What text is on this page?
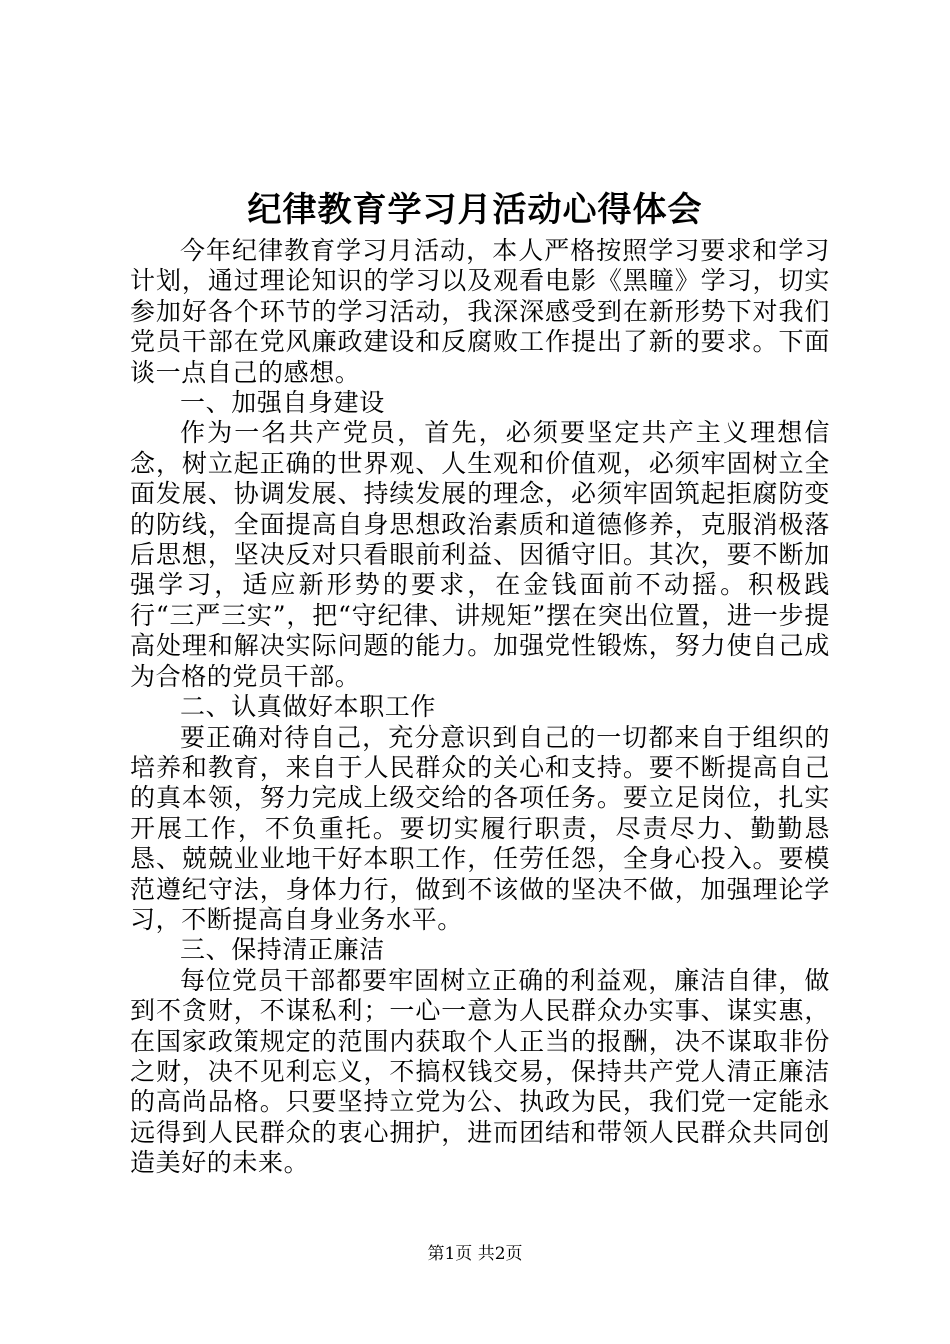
纪律教育学习月活动心得体会

今年纪律教育学习月活动，本人严格按照学习要求和学习计划，通过理论知识的学习以及观看电影《黑瞳》学习，切实参加好各个环节的学习活动，我深深感受到在新形势下对我们党员干部在党风廉政建设和反腐败工作提出了新的要求。下面谈一点自己的感想。

一、加强自身建设

作为一名共产党员，首先，必须要坚定共产主义理想信念，树立起正确的世界观、人生观和价值观，必须牢固树立全面发展、协调发展、持续发展的理念，必须牢固筑起拒腐防变的防线，全面提高自身思想政治素质和道德修养，克服消极落后思想，坚决反对只看眼前利益、因循守旧。其次，要不断加强学习，适应新形势的要求，在金钱面前不动摇。积极践行“三严三实”，把“守纪律、讲规矩”摆在突出位置，进一步提高处理和解决实际问题的能力。加强党性锻炼，努力使自己成为合格的党员干部。

二、认真做好本职工作

要正确对待自己，充分意识到自己的一切都来自于组织的培养和教育，来自于人民群众的关心和支持。要不断提高自己的真本领，努力完成上级交给的各项任务。要立足岗位，扎实开展工作，不负重托。要切实履行职责，尽责尽力、勤勤恳恳、兢兢业业地干好本职工作，任劳任怨，全身心投入。要模范遵纪守法，身体力行，做到不该做的坚决不做，加强理论学习，不断提高自身业务水平。

三、保持清正廉洁

每位党员干部都要牢固树立正确的利益观，廉洁自律，做到不贪财，不谋私利；一心一意为人民群众办实事、谋实惠，在国家政策规定的范围内获取个人正当的报酬，决不谋取非份之财，决不见利忘义，不搞权钱交易，保持共产党人清正廉洁的高尚品格。只要坚持立党为公、执政为民，我们党一定能永远得到人民群众的衷心拥护，进而团结和带领人民群众共同创造美好的未来。

第1页 共2页
